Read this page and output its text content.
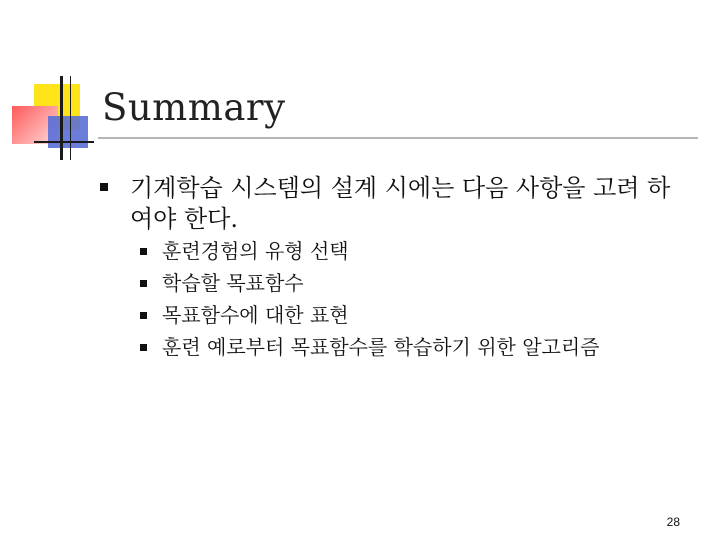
Summary

기계학습 시스템의 설계 시에는 다음 사항을 고려 하여야 한다.

훈련경험의 유형 선택
학습할 목표함수
목표함수에 대한 표현
훈련 예로부터 목표함수를 학습하기 위한 알고리즘
28
